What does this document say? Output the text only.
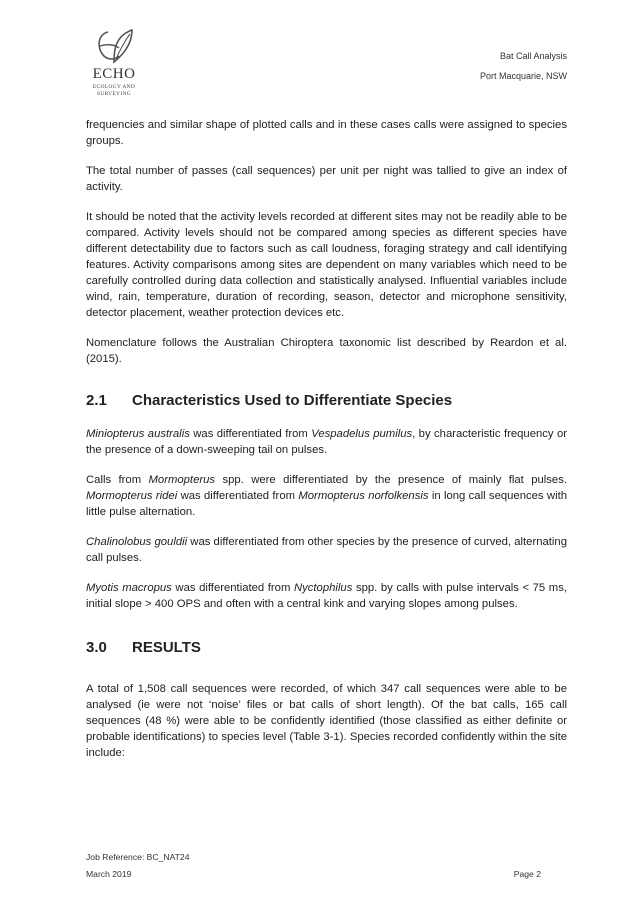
ECHO
ECOLOGY AND
SURVEYING
Bat Call Analysis
Port Macquarie, NSW

frequencies and similar shape of plotted calls and in these cases calls were assigned to species groups.

The total number of passes (call sequences) per unit per night was tallied to give an index of activity.

It should be noted that the activity levels recorded at different sites may not be readily able to be compared. Activity levels should not be compared among species as different species have different detectability due to factors such as call loudness, foraging strategy and call identifying features. Activity comparisons among sites are dependent on many variables which need to be carefully controlled during data collection and statistically analysed. Influential variables include wind, rain, temperature, duration of recording, season, detector and microphone sensitivity, detector placement, weather protection devices etc.

Nomenclature follows the Australian Chiroptera taxonomic list described by Reardon et al. (2015).

2.1	Characteristics Used to Differentiate Species

Miniopterus australis was differentiated from Vespadelus pumilus, by characteristic frequency or the presence of a down-sweeping tail on pulses.

Calls from Mormopterus spp. were differentiated by the presence of mainly flat pulses. Mormopterus ridei was differentiated from Mormopterus norfolkensis in long call sequences with little pulse alternation.

Chalinolobus gouldii was differentiated from other species by the presence of curved, alternating call pulses.

Myotis macropus was differentiated from Nyctophilus spp. by calls with pulse intervals < 75 ms, initial slope > 400 OPS and often with a central kink and varying slopes among pulses.

3.0	RESULTS

A total of 1,508 call sequences were recorded, of which 347 call sequences were able to be analysed (ie were not ‘noise’ files or bat calls of short length). Of the bat calls, 165 call sequences (48 %) were able to be confidently identified (those classified as either definite or probable identifications) to species level (Table 3-1). Species recorded confidently within the site include:

Job Reference: BC_NAT24
March 2019	Page 2
